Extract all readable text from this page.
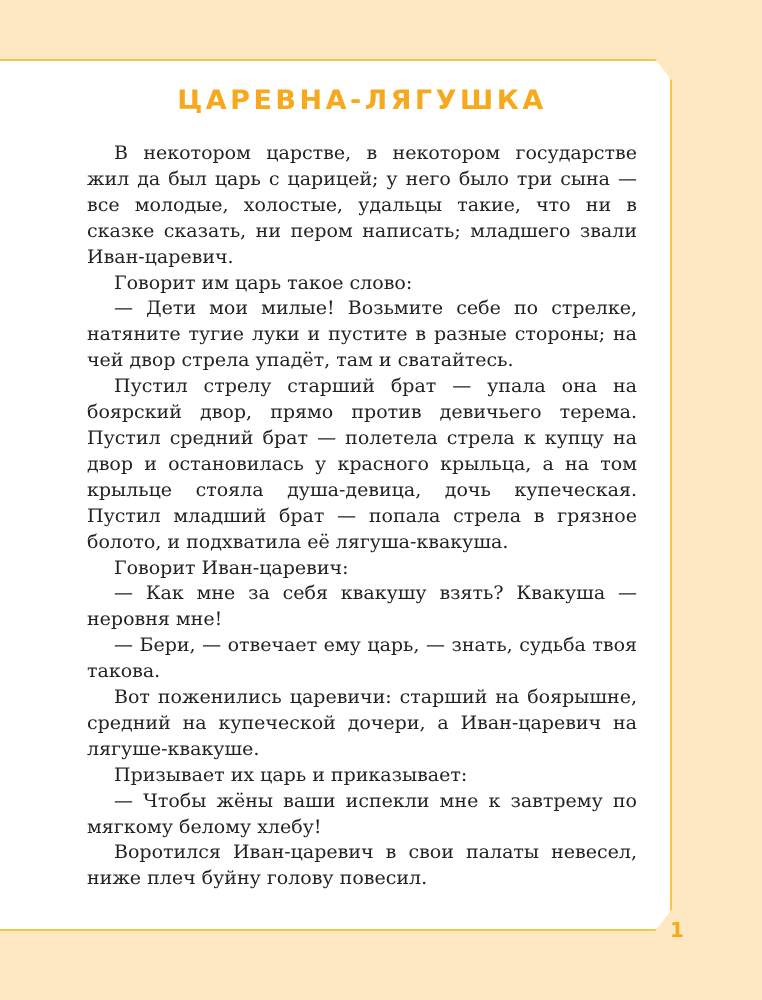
ЦАРЕВНА-ЛЯГУШКА

В некотором царстве, в некотором государстве жил да был царь с царицей; у него было три сына — все молодые, холостые, удальцы такие, что ни в сказке сказать, ни пером написать; младшего звали Иван-царевич.

Говорит им царь такое слово:

— Дети мои милые! Возьмите себе по стрелке, натяните тугие луки и пустите в разные стороны; на чей двор стрела упадёт, там и сватайтесь.

Пустил стрелу старший брат — упала она на боярский двор, прямо против девичьего терема. Пустил средний брат — полетела стрела к купцу на двор и остановилась у красного крыльца, а на том крыльце стояла душа-девица, дочь купеческая. Пустил младший брат — попала стрела в грязное болото, и подхватила её лягуша-квакуша.

Говорит Иван-царевич:

— Как мне за себя квакушу взять? Квакуша — неровня мне!

— Бери, — отвечает ему царь, — знать, судьба твоя такова.

Вот поженились царевичи: старший на боярышне, средний на купеческой дочери, а Иван-царевич на лягуше-квакуше.

Призывает их царь и приказывает:

— Чтобы жёны ваши испекли мне к завтрему по мягкому белому хлебу!

Воротился Иван-царевич в свои палаты невесел, ниже плеч буйну голову повесил.

1
